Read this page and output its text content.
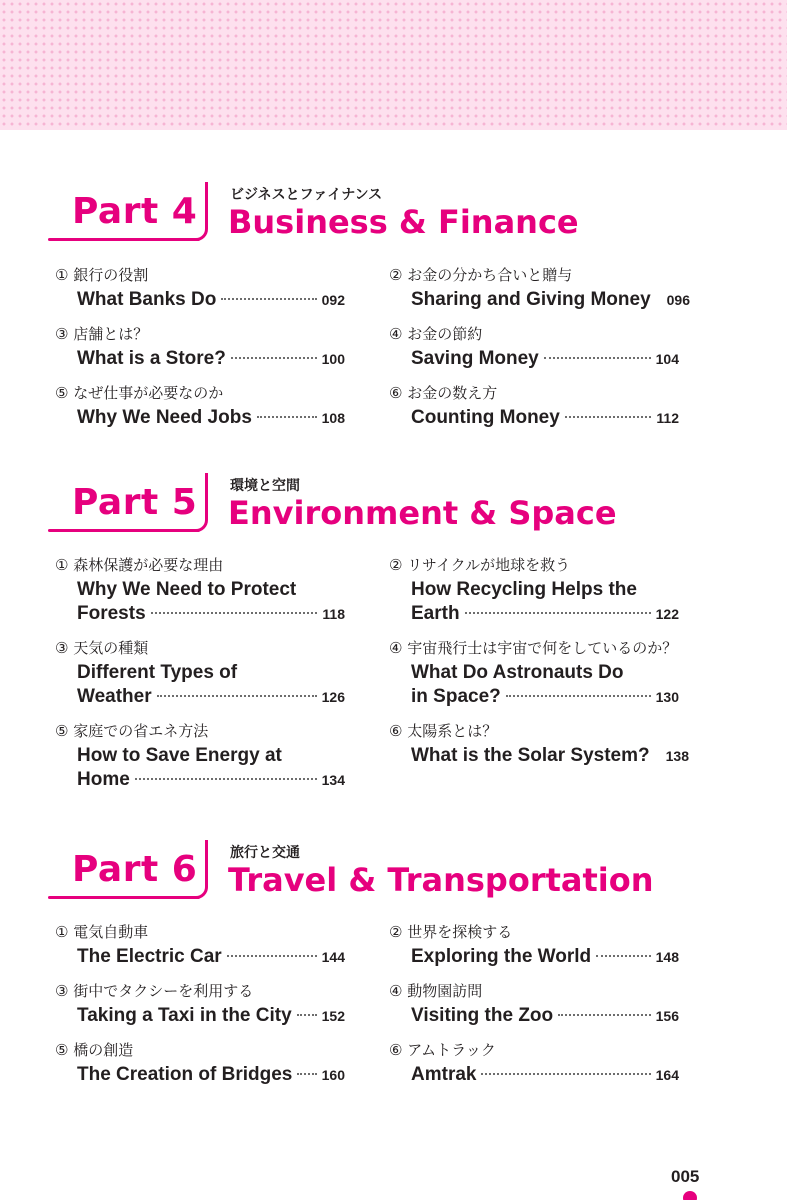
Part 4 ビジネスとファイナンス
Business & Finance
① 銀行の役割
What Banks Do	092
② お金の分かち合いと贈与
Sharing and Giving Money 096
③ 店舗とは？
What is a Store?	100
④ お金の節約
Saving Money	104
⑤ なぜ仕事が必要なのか
Why We Need Jobs	108
⑥ お金の数え方
Counting Money	112
Part 5 環境と空間
Environment & Space
① 森林保護が必要な理由
Why We Need to Protect
Forests	118
② リサイクルが地球を救う
How Recycling Helps the
Earth	122
③ 天気の種類
Different Types of
Weather	126
④ 宇宙飛行士は宇宙で何をしているのか？
What Do Astronauts Do
in Space?	130
⑤ 家庭での省エネ方法
How to Save Energy at
Home	134
⑥ 太陽系とは？
What is the Solar System? 138
Part 6 旅行と交通
Travel & Transportation
① 電気自動車
The Electric Car	144
② 世界を探検する
Exploring the World	148
③ 街中でタクシーを利用する
Taking a Taxi in the City 152
④ 動物園訪問
Visiting the Zoo	156
⑤ 橋の創造
The Creation of Bridges 160
⑥ アムトラック
Amtrak	164
005
